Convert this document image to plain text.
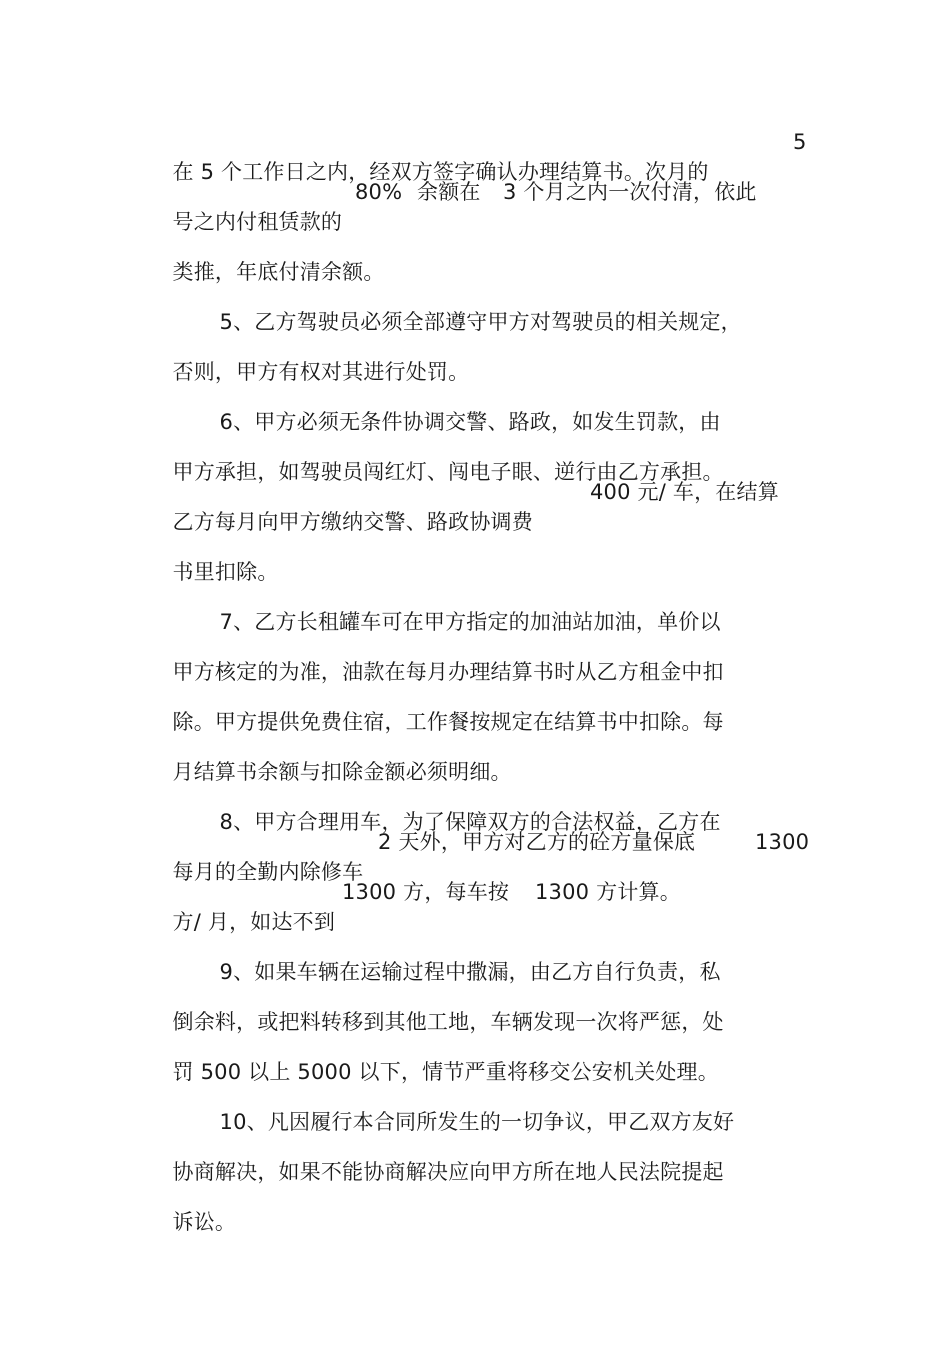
在 5 个工作日之内，经双方签字确认办理结算书。次月的

5

号之内付租赁款的

80%

余额在

3 个月之内一次付清，依此

类推，年底付清余额。

5、乙方驾驶员必须全部遵守甲方对驾驶员的相关规定，

否则，甲方有权对其进行处罚。

6、甲方必须无条件协调交警、路政，如发生罚款，由

甲方承担，如驾驶员闯红灯、闯电子眼、逆行由乙方承担。

乙方每月向甲方缴纳交警、路政协调费

400 元/ 车，在结算

书里扣除。

7、乙方长租罐车可在甲方指定的加油站加油，单价以

甲方核定的为准，油款在每月办理结算书时从乙方租金中扣

除。甲方提供免费住宿，工作餐按规定在结算书中扣除。每

月结算书余额与扣除金额必须明细。

8、甲方合理用车，为了保障双方的合法权益，乙方在

每月的全勤内除修车

2 天外，甲方对乙方的砼方量保底

	1300

方/ 月，如达不到

1300 方，每车按

1300 方计算。

9、如果车辆在运输过程中撒漏，由乙方自行负责，私

倒余料，或把料转移到其他工地，车辆发现一次将严惩，处

罚 500 以上 5000 以下，情节严重将移交公安机关处理。

10、凡因履行本合同所发生的一切争议，甲乙双方友好

协商解决，如果不能协商解决应向甲方所在地人民法院提起

诉讼。
